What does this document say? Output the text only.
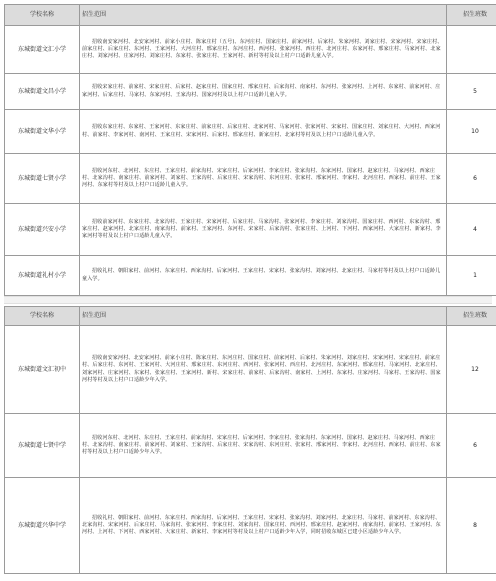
学校名称	招生范围	招生班数
东城街道文汇小学	招收南安家河村、北安家河村、前家小庄村、陈家庄村（五号)、东河庄村、国家庄村、前家河村、后家村、朱家河村、刘家庄村、宋家河村、宋家庄村、前家庄村、后家庄村、东河村、王家河村、大河庄村、邢家庄村、东河庄村、西河村、张家河村、西庄村、北河庄村、东家河村、邢家庄村、马家河村、北家庄村、刘家河村、庄家河村、刘家庄村、东家村、张家庄村、王家河村、新村等村及以上村户口适龄儿童入学。	
东城街道文昌小学	招收宋家庄村、前家村、宋家庄村、后家村、赵家庄村、国家庄村、邢家庄村、后家沟村、南家村、东河村、张家河村、上河村、东家村、前家河村、庄家河村、后家庄村、马家村、东家河村、王家沟村、国家河村及以上村户口适龄儿童入学。	5
东城街道文华小学	招收东家庄村、东家村、王家河村、东家庄村、前家庄村、后家庄村、北家河村、马家河村、张家河村、宋家村、国家庄村、刘家庄村、大河村、西家河村、前家村、李家河村、南河村、王家庄村、宋家河村、后家村、邢家庄村、新家庄村、北家村等村及以上村户口适龄儿童入学。	10
东城街道七贤小学	招收河东村、北河村、东庄村、王家庄村、前家沟村、宋家庄村、后家河村、李家庄村、张家沟村、东家河村、国家村、赵家庄村、马家河村、西家庄村、北家沟村、南家庄村、前家河村、刘家村、王家沟村、后家庄村、宋家沟村、东河庄村、张家村、邢家河村、李家村、北河庄村、西家村、前庄村、王家河村、东家村等村及以上村户口适龄儿童入学。	6
东城街道兴安小学	招收前家河村、东家庄村、北家沟村、王家庄村、宋家河村、后家庄村、马家沟村、张家河村、李家庄村、刘家沟村、国家庄村、西河村、东家沟村、邢家庄村、赵家河村、北家庄村、南家沟村、前家村、王家河村、东河村、宋家村、后家沟村、张家庄村、上河村、下河村、西家河村、大家庄村、新家村、李家河村等村及以上村户口适龄儿童入学。	4
东城街道礼村小学	招收礼村、朝阳家村、前河村、东家庄村、西家沟村、后家河村、王家庄村、宋家村、张家沟村、刘家河村、北家庄村、马家村等村及以上村户口适龄儿童入学。	1
学校名称	招生范围	招生班数
东城街道文汇初中	招收南安家河村、北安家河村、前家小庄村、陈家庄村、东河庄村、国家庄村、前家河村、后家村、朱家河村、刘家庄村、宋家河村、宋家庄村、前家庄村、后家庄村、东河村、王家河村、大河庄村、邢家庄村、东河庄村、西河村、张家河村、西庄村、北河庄村、东家河村、邢家庄村、马家河村、北家庄村、刘家河村、庄家河村、东家村、张家庄村、王家河村、新村、宋家庄村、前家村、后家沟村、南家村、上河村、东家村、庄家河村、马家村、王家沟村、国家河村等村及以上村户口适龄少年入学。	12
东城街道七贤中学	招收河东村、北河村、东庄村、王家庄村、前家沟村、宋家庄村、后家河村、李家庄村、张家沟村、东家河村、国家村、赵家庄村、马家河村、西家庄村、北家沟村、南家庄村、前家河村、刘家村、王家沟村、后家庄村、宋家沟村、东河庄村、张家村、邢家河村、李家村、北河庄村、西家村、前庄村、东家村等村及以上村户口适龄少年入学。	6
东城街道兴华中学	招收礼村、朝阳家村、前河村、东家庄村、西家沟村、后家河村、王家庄村、宋家村、张家沟村、刘家河村、北家庄村、马家村、前家河村、东家沟村、北家沟村、宋家河村、后家庄村、马家沟村、张家河村、李家庄村、刘家沟村、国家庄村、西河村、邢家庄村、赵家河村、南家沟村、前家村、王家河村、东河村、上河村、下河村、西家河村、大家庄村、新家村、李家河村等村及以上村户口适龄少年入学，同时招收东城区已建小区适龄少年入学。	8
